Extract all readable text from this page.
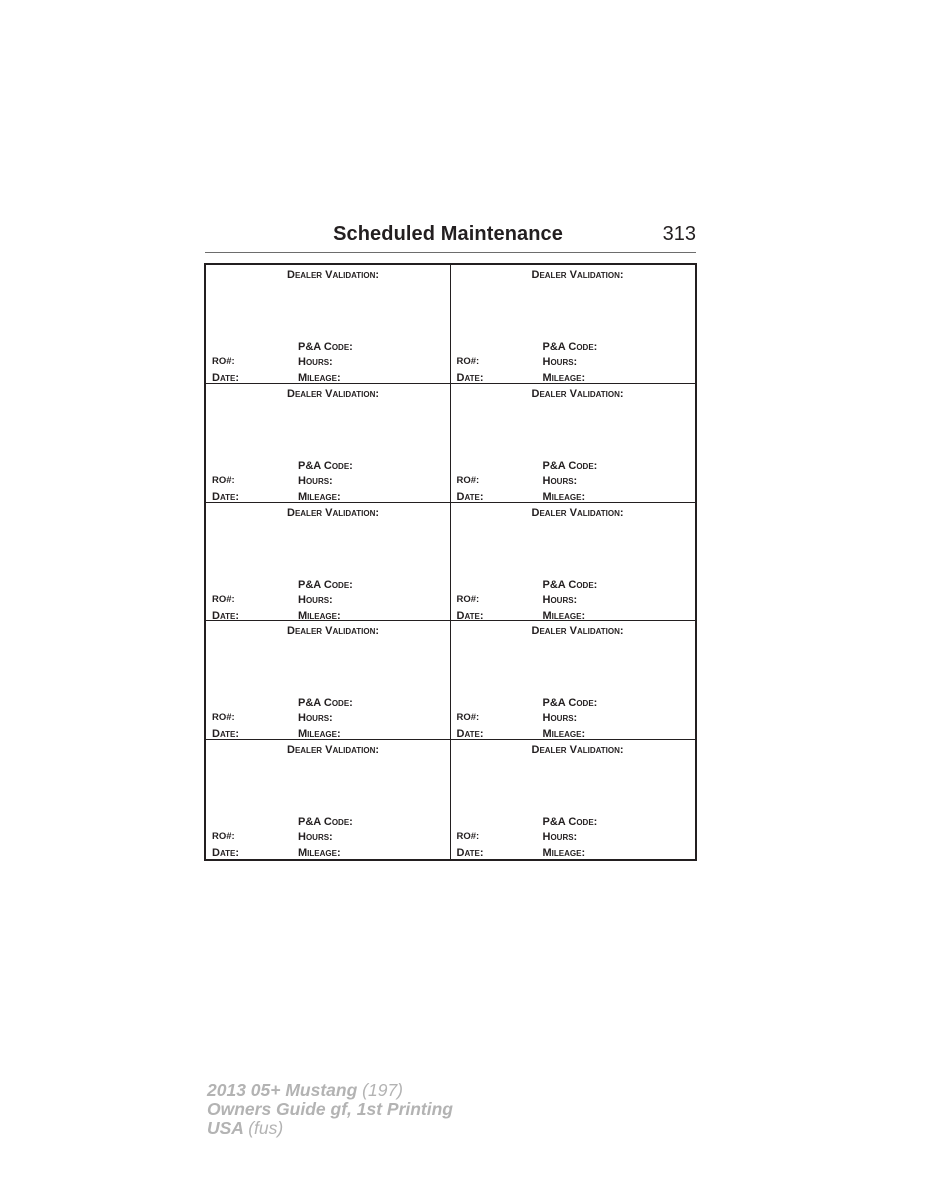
Scheduled Maintenance	313
Dealer Validation:
P&A Code:
RO#:	Hours:
Date:	Mileage:
Dealer Validation:
P&A Code:
RO#:	Hours:
Date:	Mileage:
Dealer Validation:
P&A Code:
RO#:	Hours:
Date:	Mileage:
Dealer Validation:
P&A Code:
RO#:	Hours:
Date:	Mileage:
Dealer Validation:
P&A Code:
RO#:	Hours:
Date:	Mileage:
Dealer Validation:
P&A Code:
RO#:	Hours:
Date:	Mileage:
Dealer Validation:
P&A Code:
RO#:	Hours:
Date:	Mileage:
Dealer Validation:
P&A Code:
RO#:	Hours:
Date:	Mileage:
Dealer Validation:
P&A Code:
RO#:	Hours:
Date:	Mileage:
Dealer Validation:
P&A Code:
RO#:	Hours:
Date:	Mileage:
2013 05+ Mustang (197)
Owners Guide gf, 1st Printing
USA (fus)
